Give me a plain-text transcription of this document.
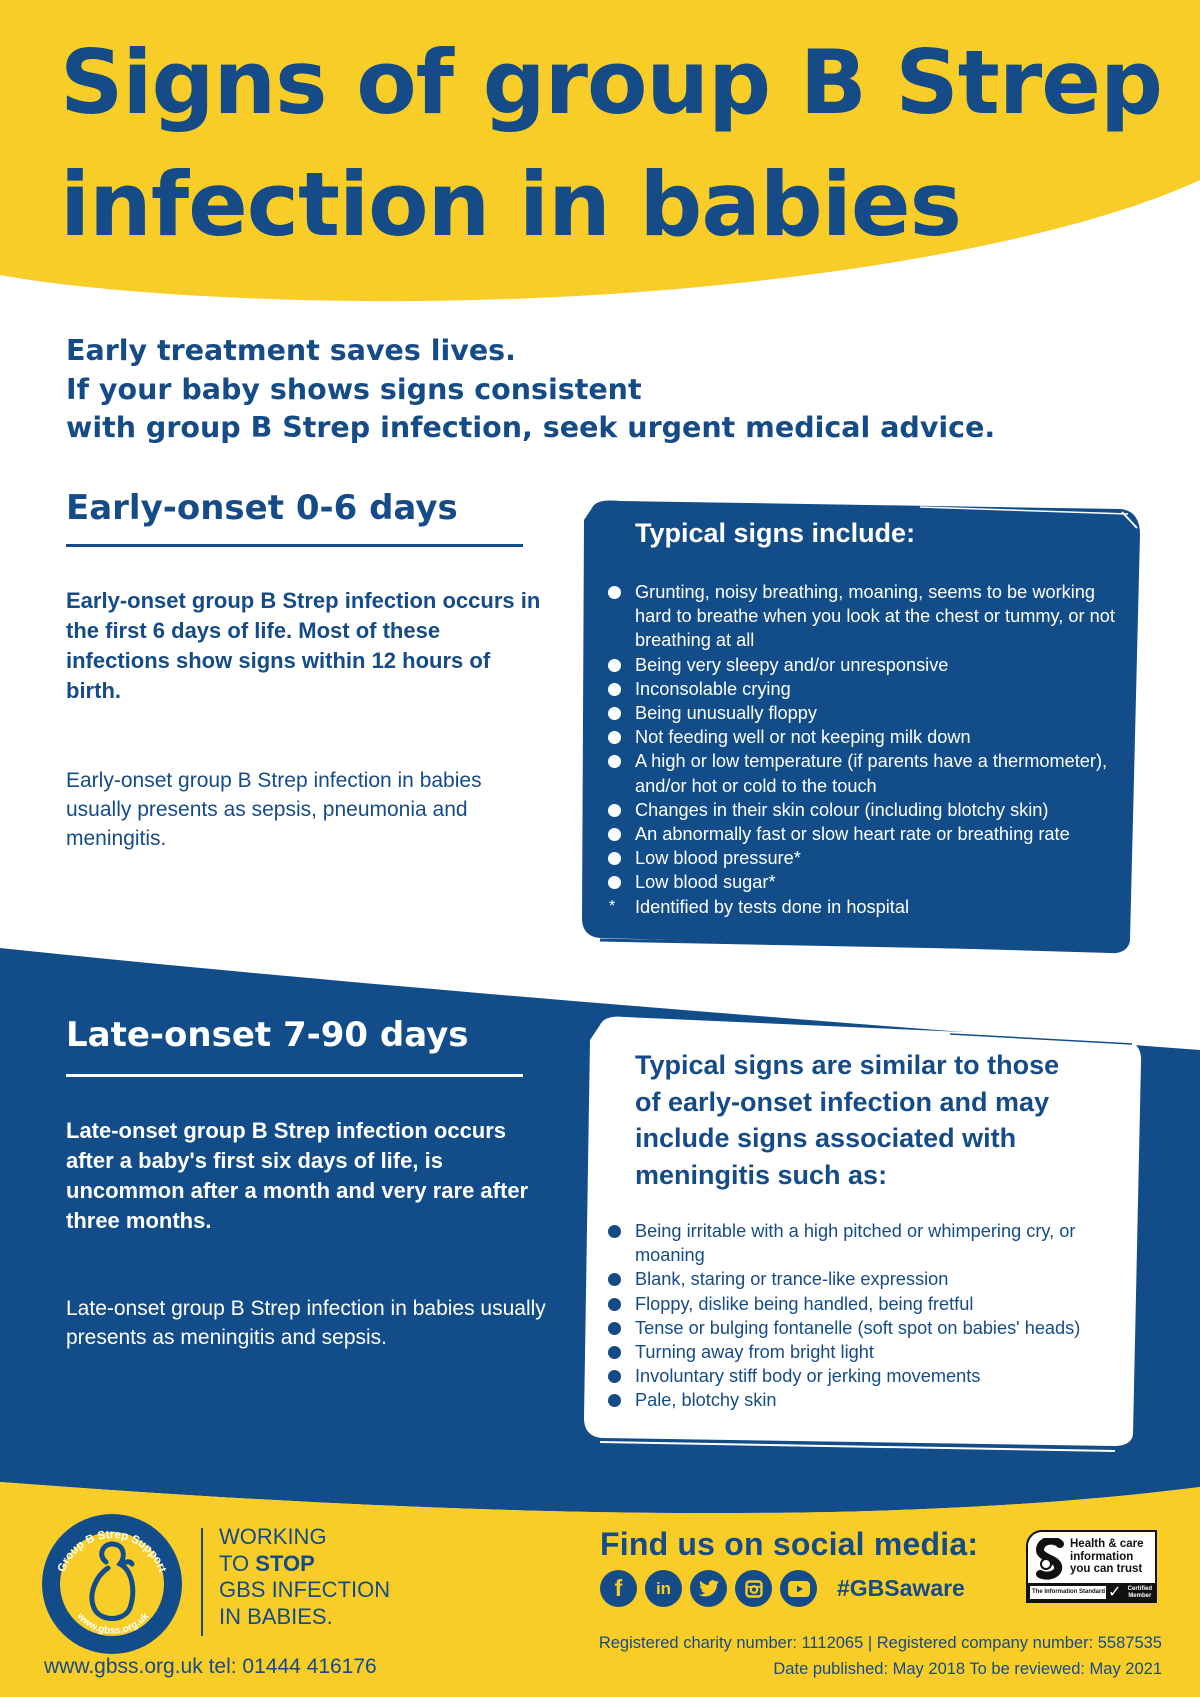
Signs of group B Strep
infection in babies
Early treatment saves lives.
If your baby shows signs consistent
with group B Strep infection, seek urgent medical advice.
Early-onset 0-6 days

Early-onset group B Strep infection occurs in the first 6 days of life. Most of these infections show signs within 12 hours of birth.

Early-onset group B Strep infection in babies usually presents as sepsis, pneumonia and meningitis.

Typical signs include:
Grunting, noisy breathing, moaning, seems to be working hard to breathe when you look at the chest or tummy, or not breathing at all
Being very sleepy and/or unresponsive
Inconsolable crying
Being unusually floppy
Not feeding well or not keeping milk down
A high or low temperature (if parents have a thermometer), and/or hot or cold to the touch
Changes in their skin colour (including blotchy skin)
An abnormally fast or slow heart rate or breathing rate
Low blood pressure*
Low blood sugar*
* Identified by tests done in hospital
Late-onset 7-90 days

Late-onset group B Strep infection occurs after a baby's first six days of life, is uncommon after a month and very rare after three months.

Late-onset group B Strep infection in babies usually presents as meningitis and sepsis.

Typical signs are similar to those of early-onset infection and may include signs associated with meningitis such as:
Being irritable with a high pitched or whimpering cry, or moaning
Blank, staring or trance-like expression
Floppy, dislike being handled, being fretful
Tense or bulging fontanelle (soft spot on babies' heads)
Turning away from bright light
Involuntary stiff body or jerking movements
Pale, blotchy skin
Group B Strep Support
www.gbss.org.uk
WORKING
TO STOP
GBS INFECTION
IN BABIES.
www.gbss.org.uk tel: 01444 416176
Find us on social media:
f in	#GBSaware
Health & care
information
you can trust
The Information Standard ✓ Certified
Member
Registered charity number: 1112065 | Registered company number: 5587535
Date published: May 2018 To be reviewed: May 2021
